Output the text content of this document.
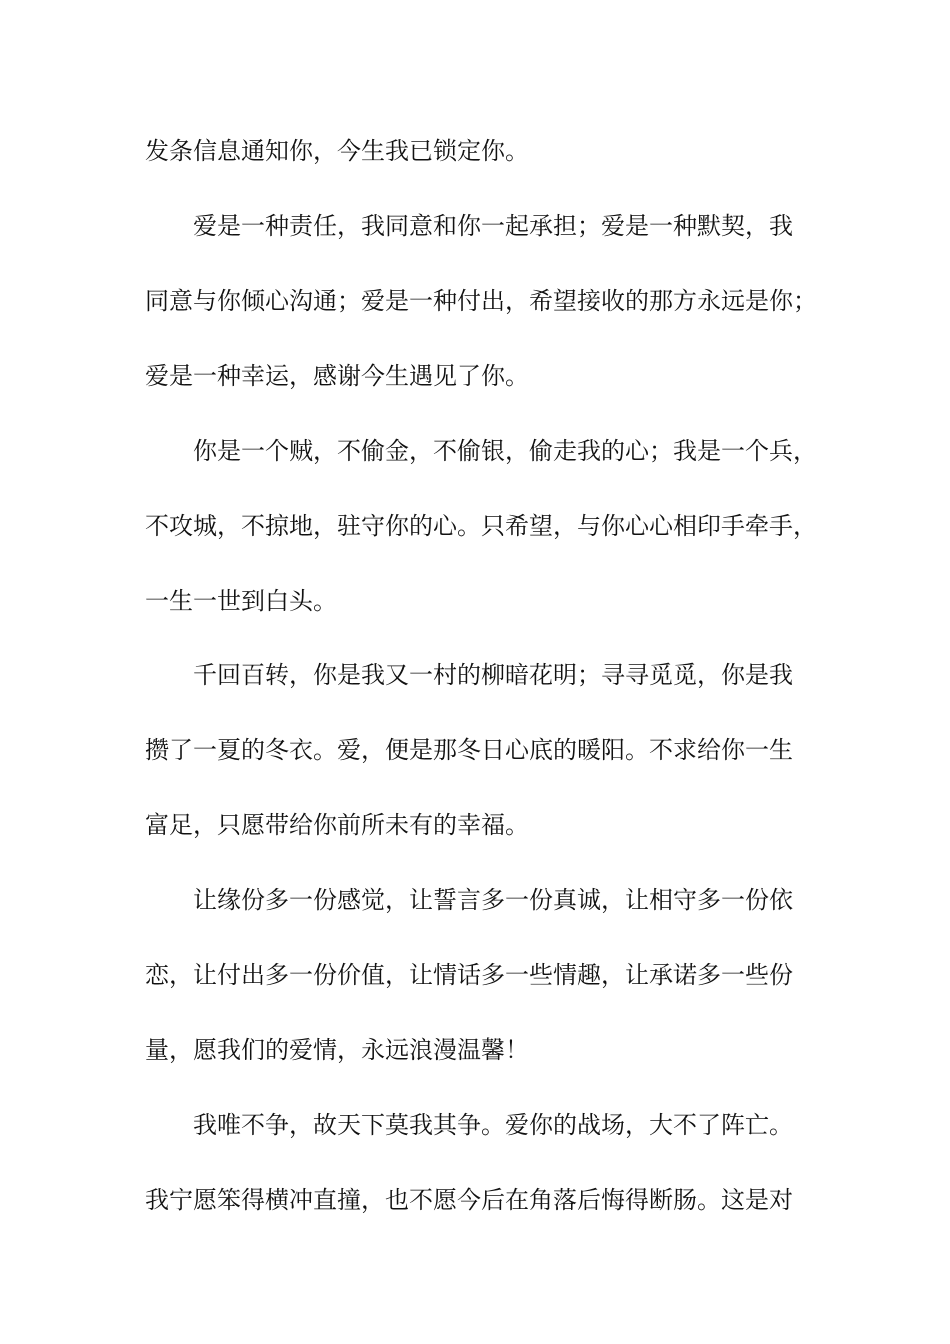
发条信息通知你，今生我已锁定你。

爱是一种责任，我同意和你一起承担；爱是一种默契，我

同意与你倾心沟通；爱是一种付出，希望接收的那方永远是你；

爱是一种幸运，感谢今生遇见了你。

你是一个贼，不偷金，不偷银，偷走我的心；我是一个兵，

不攻城，不掠地，驻守你的心。只希望，与你心心相印手牵手，

一生一世到白头。

千回百转，你是我又一村的柳暗花明；寻寻觅觅，你是我

攒了一夏的冬衣。爱，便是那冬日心底的暖阳。不求给你一生

富足，只愿带给你前所未有的幸福。

让缘份多一份感觉，让誓言多一份真诚，让相守多一份依

恋，让付出多一份价值，让情话多一些情趣，让承诺多一些份

量，愿我们的爱情，永远浪漫温馨！

我唯不争，故天下莫我其争。爱你的战场，大不了阵亡。

我宁愿笨得横冲直撞，也不愿今后在角落后悔得断肠。这是对
